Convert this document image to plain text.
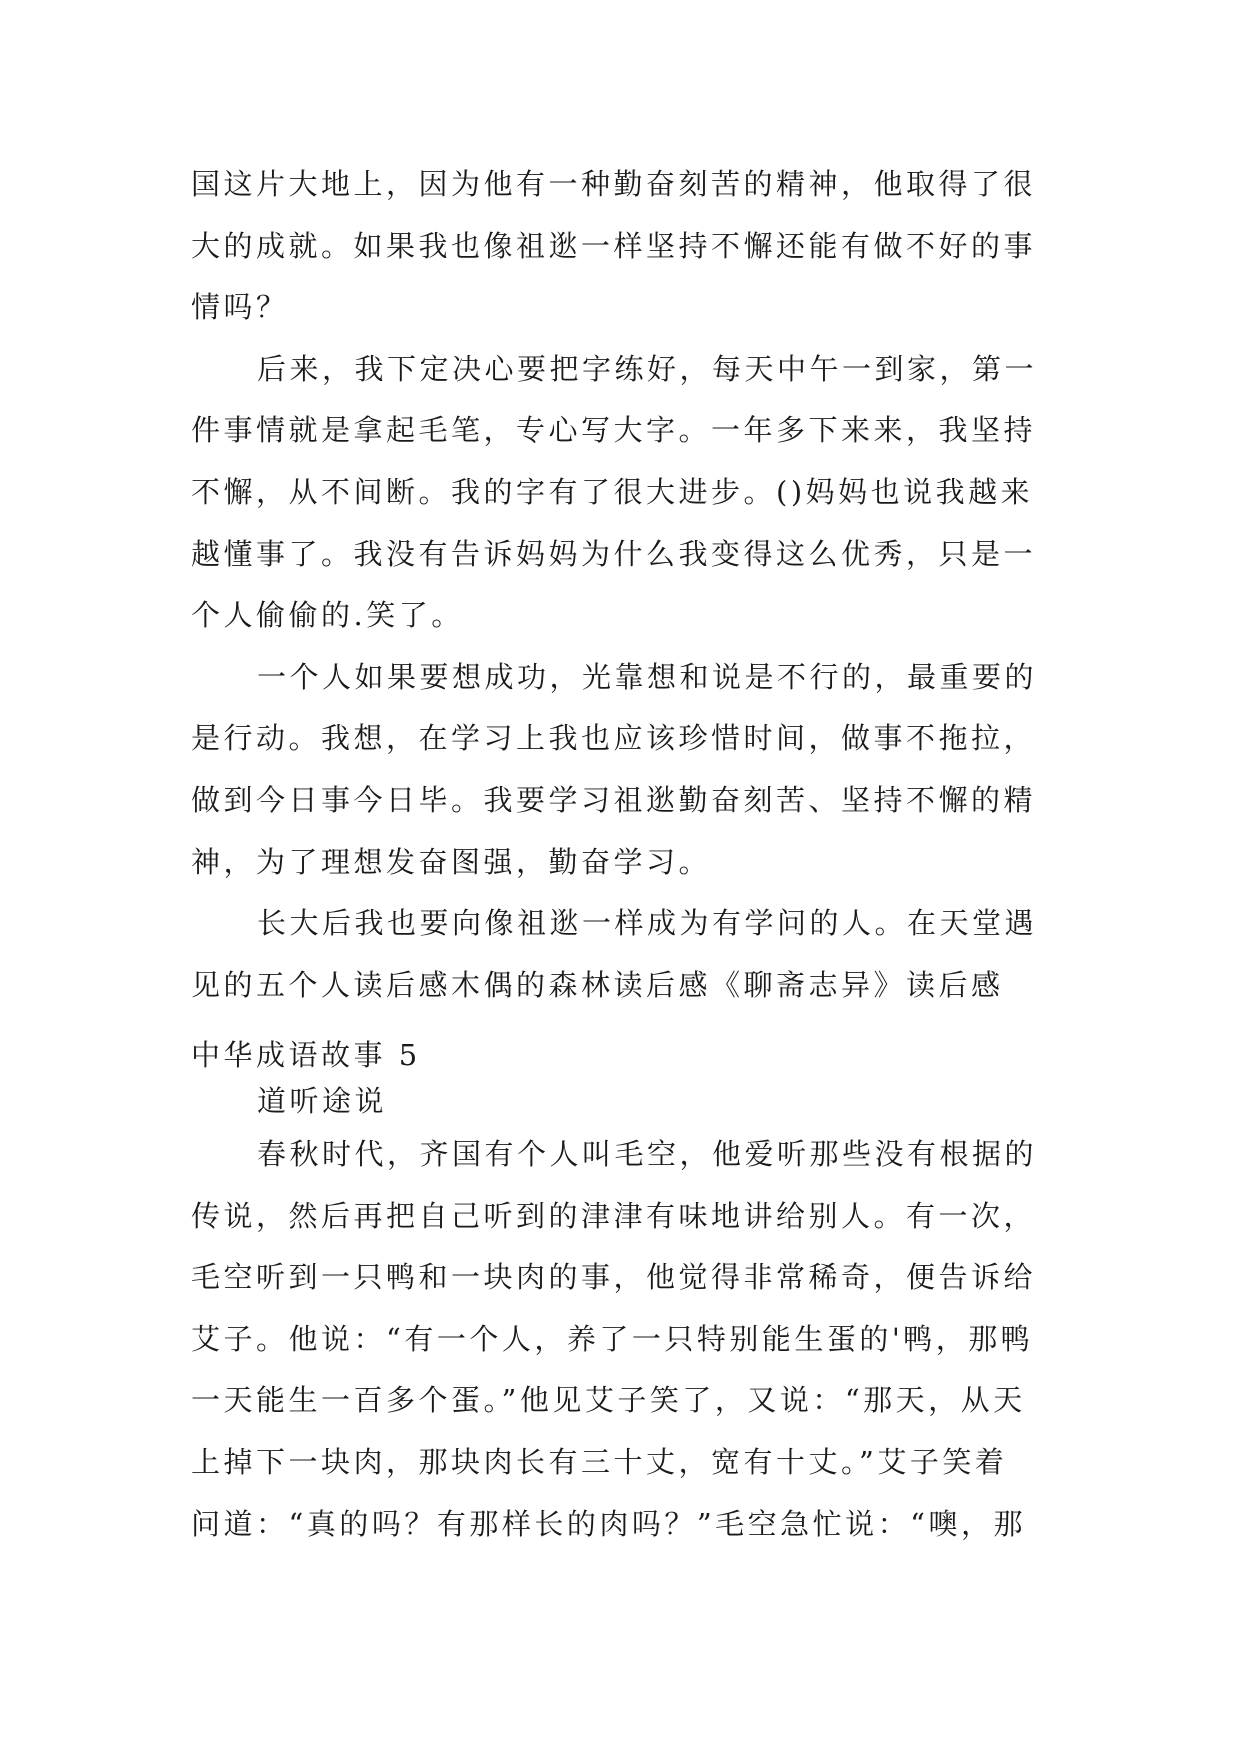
国这片大地上，因为他有一种勤奋刻苦的精神，他取得了很
大的成就。如果我也像祖逖一样坚持不懈还能有做不好的事
情吗？
后来，我下定决心要把字练好，每天中午一到家，第一
件事情就是拿起毛笔，专心写大字。一年多下来来，我坚持
不懈，从不间断。我的字有了很大进步。()妈妈也说我越来
越懂事了。我没有告诉妈妈为什么我变得这么优秀，只是一
个人偷偷的.笑了。
一个人如果要想成功，光靠想和说是不行的，最重要的
是行动。我想，在学习上我也应该珍惜时间，做事不拖拉，
做到今日事今日毕。我要学习祖逖勤奋刻苦、坚持不懈的精
神，为了理想发奋图强，勤奋学习。
长大后我也要向像祖逖一样成为有学问的人。在天堂遇
见的五个人读后感木偶的森林读后感《聊斋志异》读后感
中华成语故事 5
道听途说
春秋时代，齐国有个人叫毛空，他爱听那些没有根据的
传说，然后再把自己听到的津津有味地讲给别人。有一次，
毛空听到一只鸭和一块肉的事，他觉得非常稀奇，便告诉给
艾子。他说：“有一个人，养了一只特别能生蛋的'鸭，那鸭
一天能生一百多个蛋。”他见艾子笑了，又说：“那天，从天
上掉下一块肉，那块肉长有三十丈，宽有十丈。”艾子笑着
问道：“真的吗？有那样长的肉吗？”毛空急忙说：“噢，那
